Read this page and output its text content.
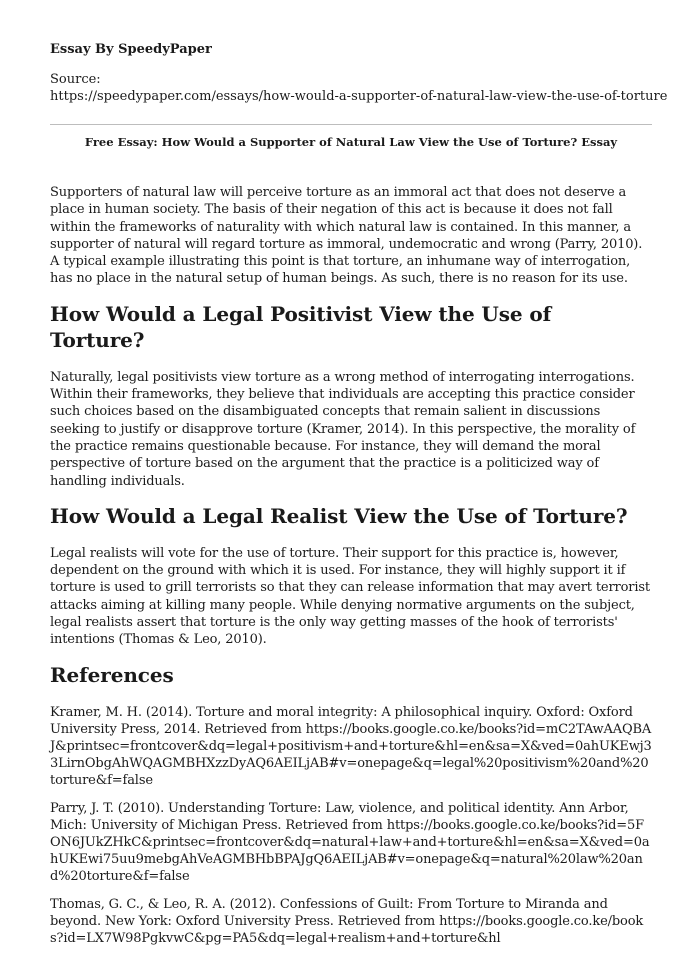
Essay By SpeedyPaper
Source:
https://speedypaper.com/essays/how-would-a-supporter-of-natural-law-view-the-use-of-torture
Free Essay: How Would a Supporter of Natural Law View the Use of Torture? Essay

Supporters of natural law will perceive torture as an immoral act that does not deserve a place in human society. The basis of their negation of this act is because it does not fall within the frameworks of naturality with which natural law is contained. In this manner, a supporter of natural will regard torture as immoral, undemocratic and wrong (Parry, 2010). A typical example illustrating this point is that torture, an inhumane way of interrogation, has no place in the natural setup of human beings. As such, there is no reason for its use.

How Would a Legal Positivist View the Use of Torture?

Naturally, legal positivists view torture as a wrong method of interrogating interrogations. Within their frameworks, they believe that individuals are accepting this practice consider such choices based on the disambiguated concepts that remain salient in discussions seeking to justify or disapprove torture (Kramer, 2014). In this perspective, the morality of the practice remains questionable because. For instance, they will demand the moral perspective of torture based on the argument that the practice is a politicized way of handling individuals.

How Would a Legal Realist View the Use of Torture?

Legal realists will vote for the use of torture. Their support for this practice is, however, dependent on the ground with which it is used. For instance, they will highly support it if torture is used to grill terrorists so that they can release information that may avert terrorist attacks aiming at killing many people. While denying normative arguments on the subject, legal realists assert that torture is the only way getting masses of the hook of terrorists' intentions (Thomas & Leo, 2010).

References
Kramer, M. H. (2014). Torture and moral integrity: A philosophical inquiry. Oxford: Oxford University Press, 2014. Retrieved from https://books.google.co.ke/books?id=mC2TAwAAQBAJ&printsec=frontcover&dq=legal+positivism+and+torture&hl=en&sa=X&ved=0ahUKEwj33LirnObgAhWQAGMBHXzzDyAQ6AEILjAB#v=onepage&q=legal%20positivism%20and%20torture&f=false
Parry, J. T. (2010). Understanding Torture: Law, violence, and political identity. Ann Arbor, Mich: University of Michigan Press. Retrieved from https://books.google.co.ke/books?id=5FON6JUkZHkC&printsec=frontcover&dq=natural+law+and+torture&hl=en&sa=X&ved=0ahUKEwi75uu9mebgAhVeAGMBHbBPAJgQ6AEILjAB#v=onepage&q=natural%20law%20and%20torture&f=false
Thomas, G. C., & Leo, R. A. (2012). Confessions of Guilt: From Torture to Miranda and beyond. New York: Oxford University Press. Retrieved from https://books.google.co.ke/books?id=LX7W98PgkvwC&pg=PA5&dq=legal+realism+and+torture&hl
